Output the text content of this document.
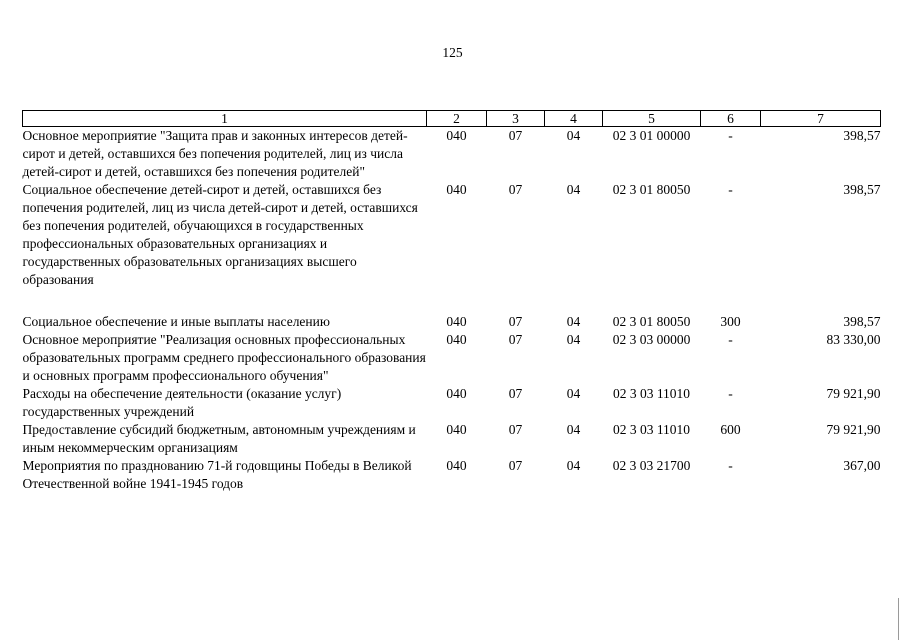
125
1	2	3	4	5	6	7
Основное мероприятие "Защита прав и законных интересов детей-сирот и детей, оставшихся без попечения родителей, лиц из числа детей-сирот и детей, оставшихся без попечения родителей"	040	07	04	02 3 01 00000	-	398,57
Социальное обеспечение детей-сирот и детей, оставшихся без попечения родителей, лиц из числа детей-сирот и детей, оставшихся без попечения родителей, обучающихся в государственных профессиональных образовательных организациях и государственных образовательных организациях высшего образования	040	07	04	02 3 01 80050	-	398,57
Социальное обеспечение и иные выплаты населению	040	07	04	02 3 01 80050	300	398,57
Основное мероприятие "Реализация основных профессиональных образовательных программ среднего профессионального образования и основных программ профессионального обучения"	040	07	04	02 3 03 00000	-	83 330,00
Расходы на обеспечение деятельности (оказание услуг) государственных учреждений	040	07	04	02 3 03 11010	-	79 921,90
Предоставление субсидий бюджетным, автономным учреждениям и иным некоммерческим организациям	040	07	04	02 3 03 11010	600	79 921,90
Мероприятия по празднованию 71-й годовщины Победы в Великой Отечественной войне 1941-1945 годов	040	07	04	02 3 03 21700	-	367,00
